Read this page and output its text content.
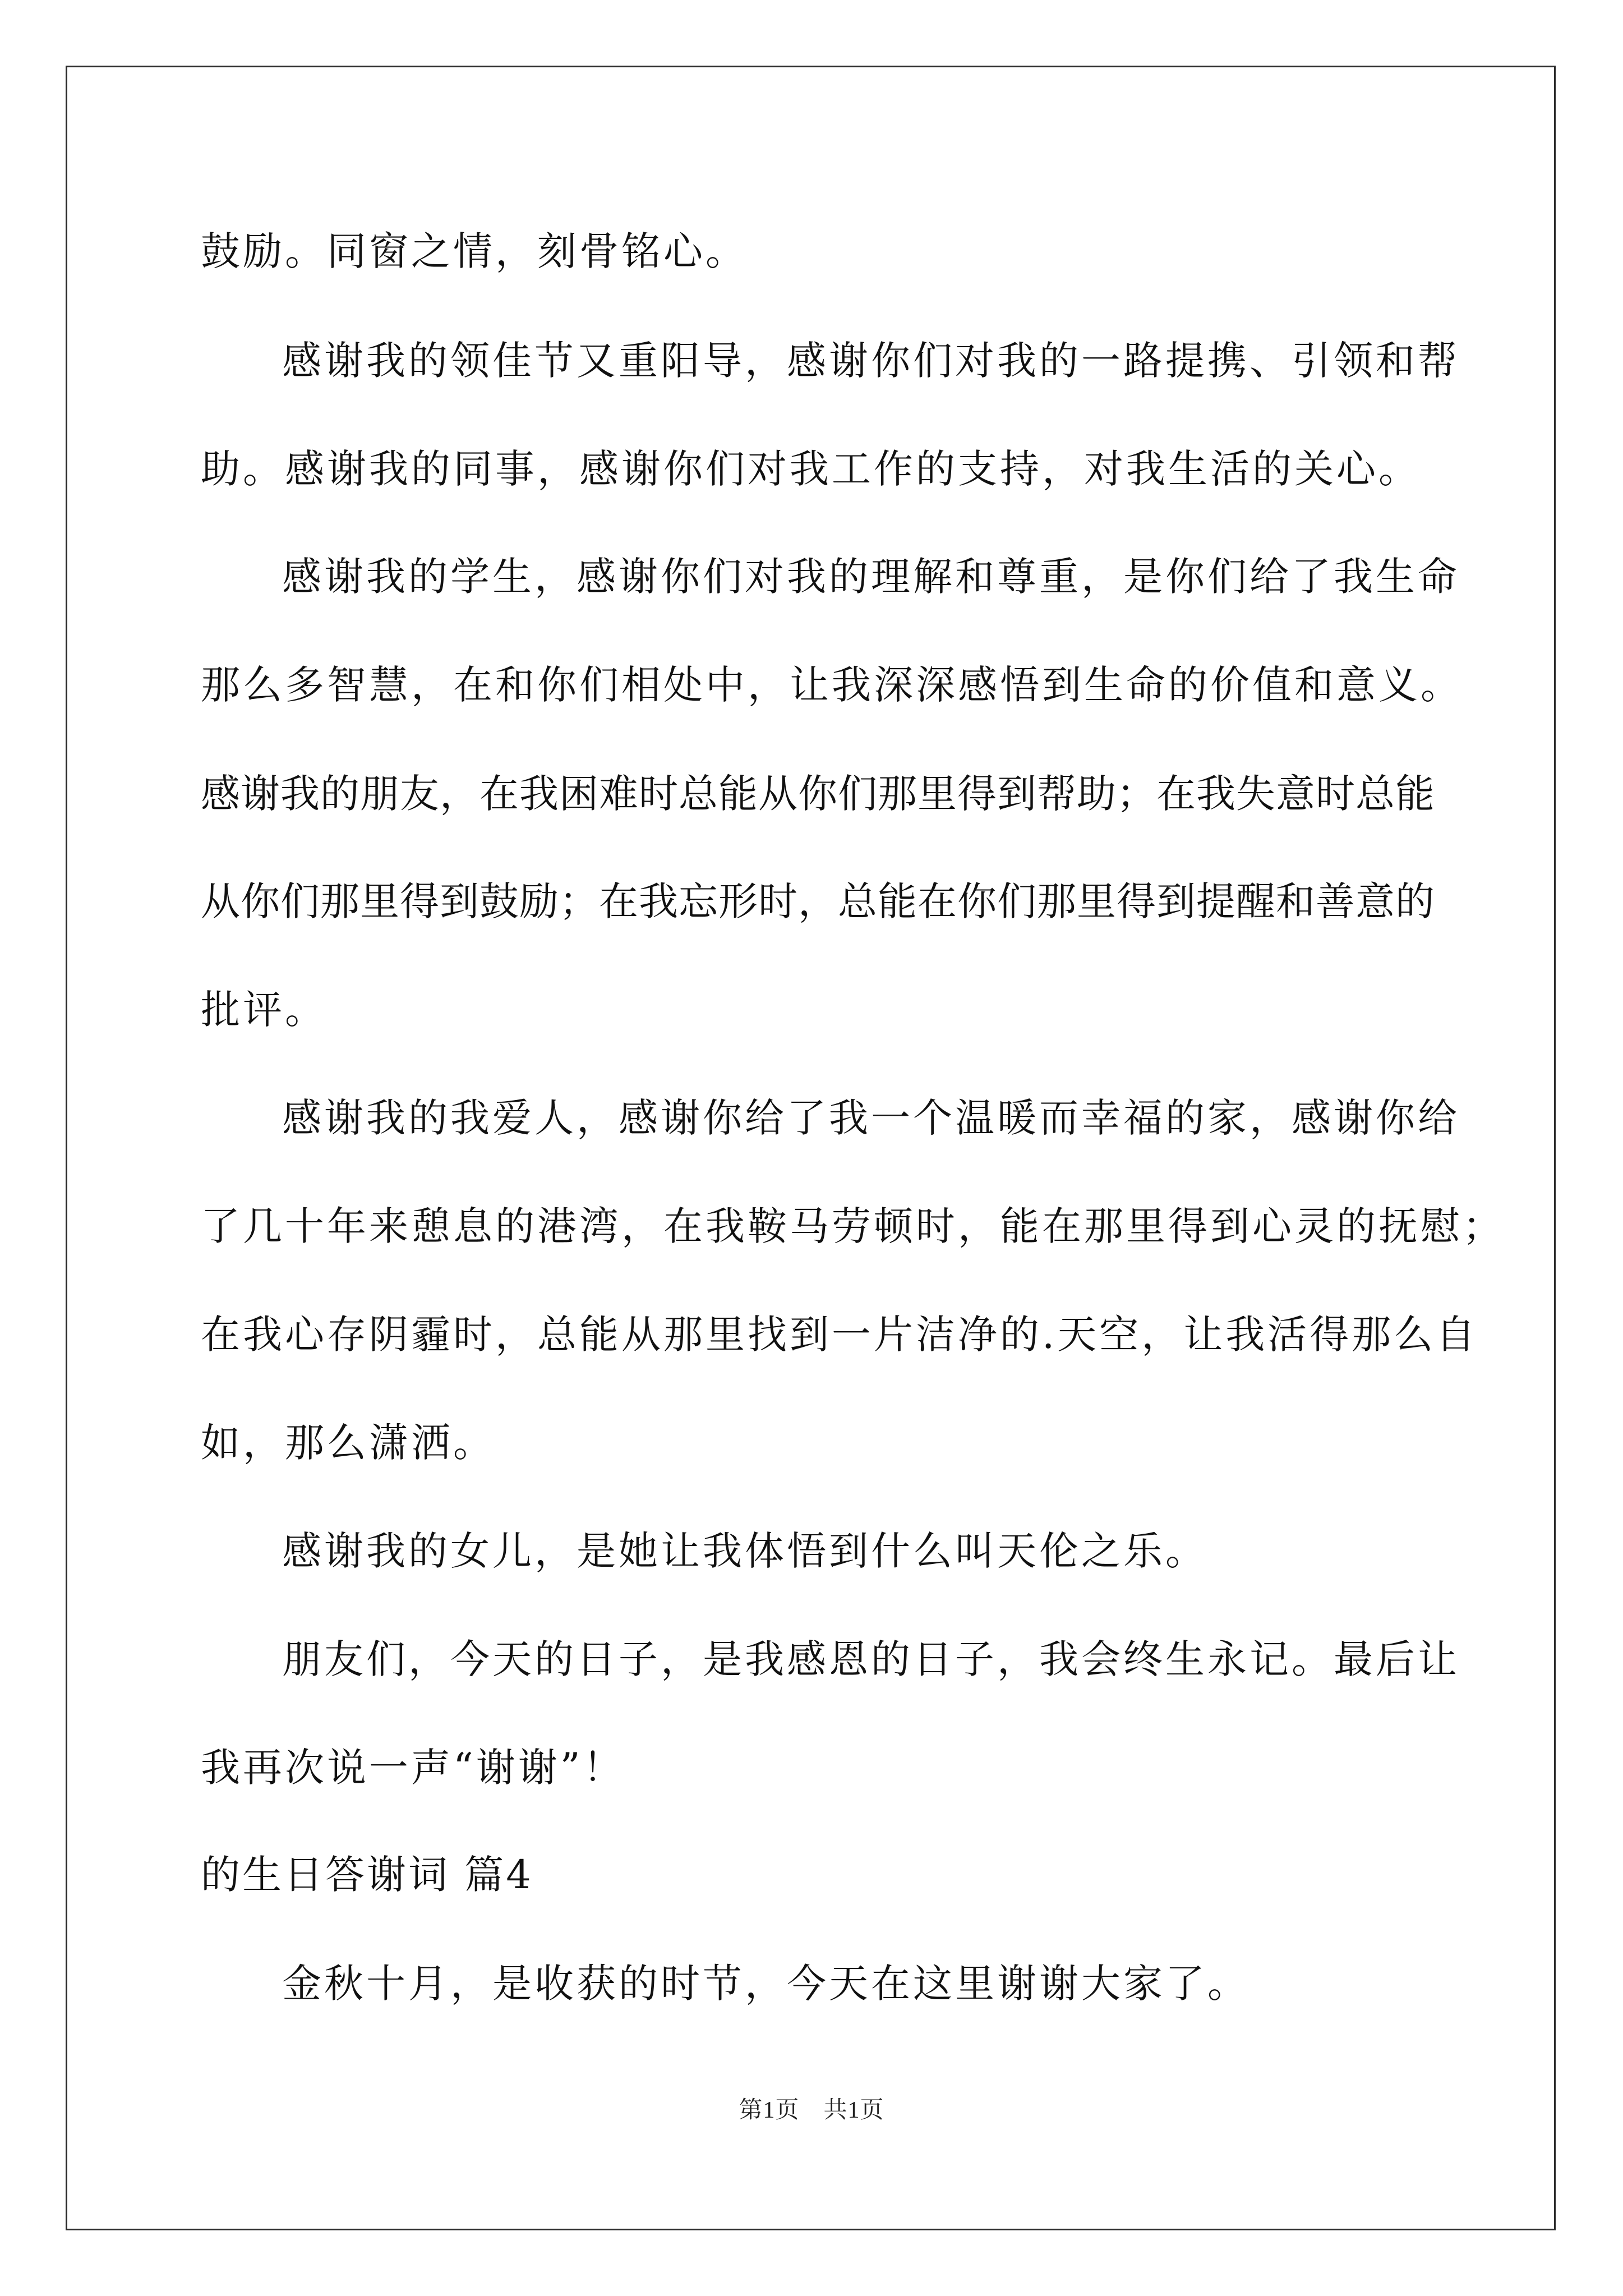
鼓励。同窗之情，刻骨铭心。

感谢我的领佳节又重阳导，感谢你们对我的一路提携、引领和帮

助。感谢我的同事，感谢你们对我工作的支持，对我生活的关心。

感谢我的学生，感谢你们对我的理解和尊重，是你们给了我生命

那么多智慧，在和你们相处中，让我深深感悟到生命的价值和意义。

感谢我的朋友，在我困难时总能从你们那里得到帮助；在我失意时总能

从你们那里得到鼓励；在我忘形时，总能在你们那里得到提醒和善意的

批评。

感谢我的我爱人，感谢你给了我一个温暖而幸福的家，感谢你给

了几十年来憩息的港湾，在我鞍马劳顿时，能在那里得到心灵的抚慰；

在我心存阴霾时，总能从那里找到一片洁净的.天空，让我活得那么自

如，那么潇洒。

感谢我的女儿，是她让我体悟到什么叫天伦之乐。

朋友们，今天的日子，是我感恩的日子，我会终生永记。最后让

我再次说一声“谢谢”！

的生日答谢词 篇4

金秋十月，是收获的时节，今天在这里谢谢大家了。

第1页　共1页
